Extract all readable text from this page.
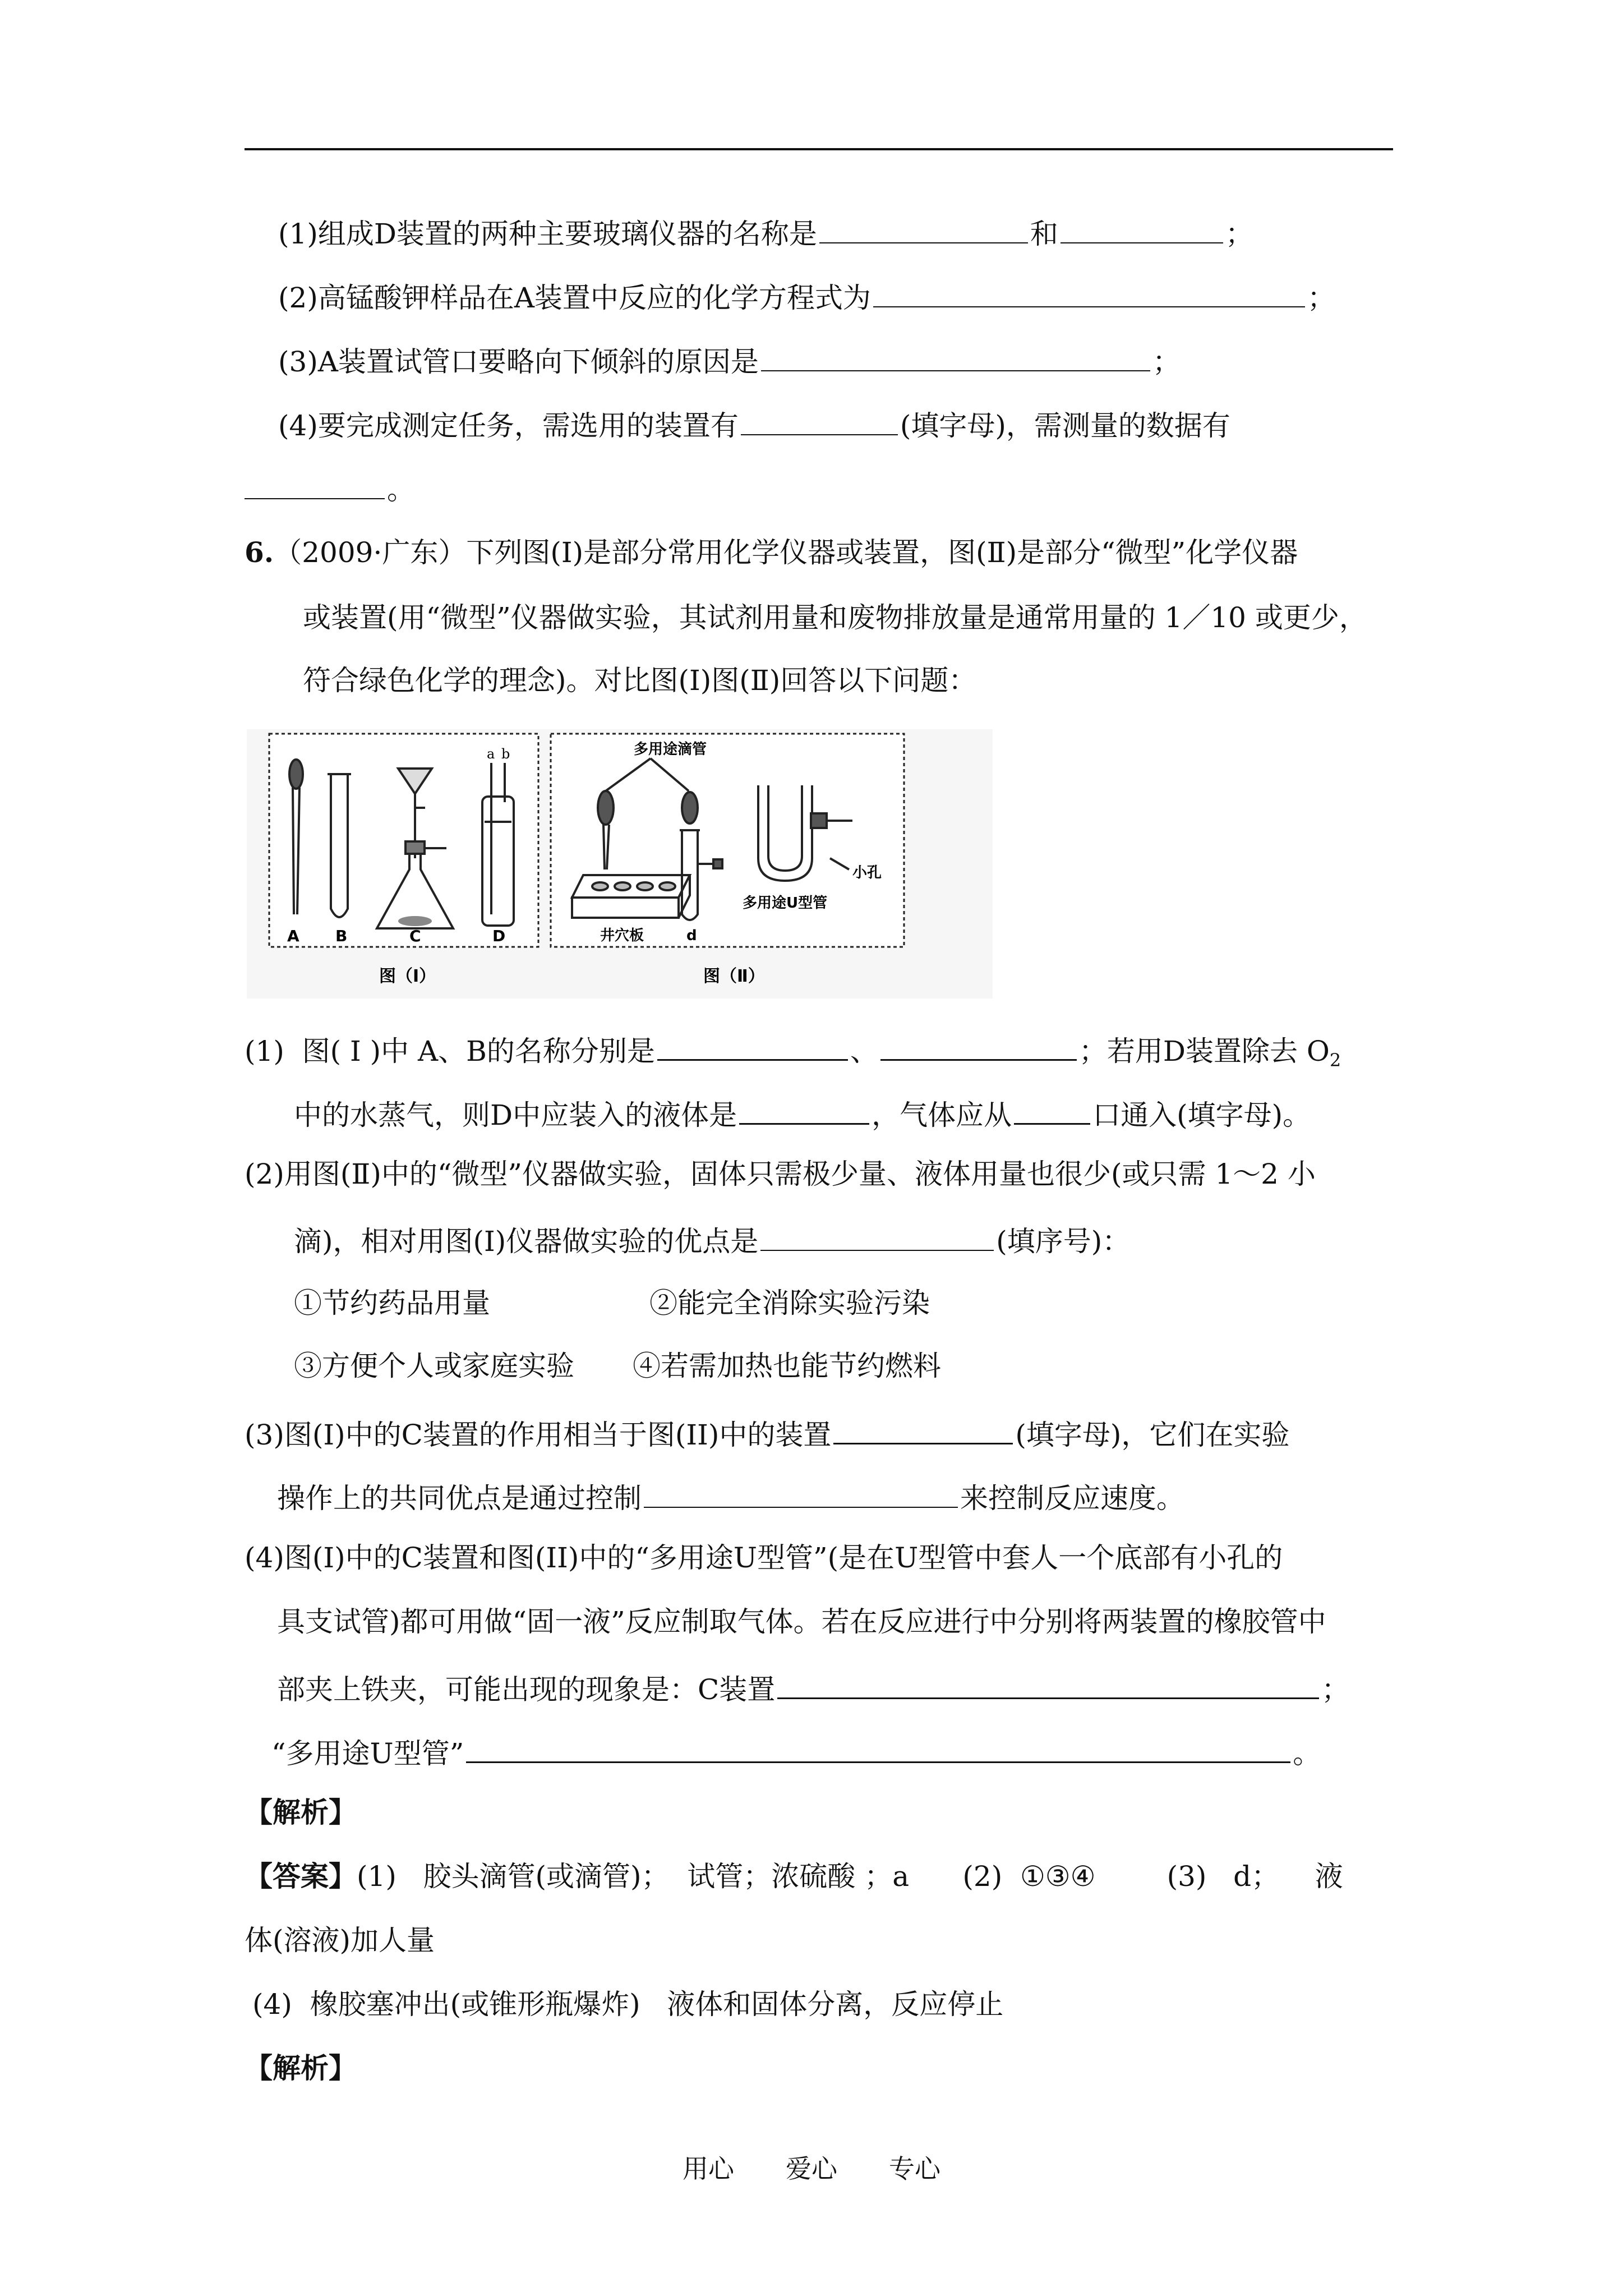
(1)组成D装置的两种主要玻璃仪器的名称是	和	；
(2)高锰酸钾样品在A装置中反应的化学方程式为	；
(3)A装置试管口要略向下倾斜的原因是	；
(4)要完成测定任务，需选用的装置有	(填字母)，需测量的数据有
。
6.（2009·广东）下列图(I)是部分常用化学仪器或装置，图(Ⅱ)是部分“微型”化学仪器
或装置(用“微型”仪器做实验，其试剂用量和废物排放量是通常用量的 1／10 或更少，
符合绿色化学的理念)。对比图(I)图(Ⅱ)回答以下问题：
a b
A B	C	D
图（Ⅰ）
多用途滴管
井穴板	d
小孔
多用途U型管
图（Ⅱ）
(1)  图( Ⅰ )中 A、B的名称分别是	、	；若用D装置除去 $O_2$
中的水蒸气，则D中应装入的液体是	，气体应从	口通入(填字母)。
(2)用图(Ⅱ)中的“微型”仪器做实验，固体只需极少量、液体用量也很少(或只需 1～2 小
滴)，相对用图(I)仪器做实验的优点是	(填序号)：
①节约药品用量	②能完全消除实验污染
③方便个人或家庭实验 ④若需加热也能节约燃料
(3)图(I)中的C装置的作用相当于图(II)中的装置	(填字母)，它们在实验
操作上的共同优点是通过控制	来控制反应速度。
(4)图(I)中的C装置和图(II)中的“多用途U型管”(是在U型管中套人一个底部有小孔的
具支试管)都可用做“固一液”反应制取气体。若在反应进行中分别将两装置的橡胶管中
部夹上铁夹，可能出现的现象是：C装置	；
“多用途U型管”	。
【解析】
【答案】(1)   胶头滴管(或滴管)；  试管；浓硫酸 ；a      (2)  ①③④        (3)   d；    液
体(溶液)加人量
(4)  橡胶塞冲出(或锥形瓶爆炸)   液体和固体分离，反应停止
【解析】
用心 爱心 专心
